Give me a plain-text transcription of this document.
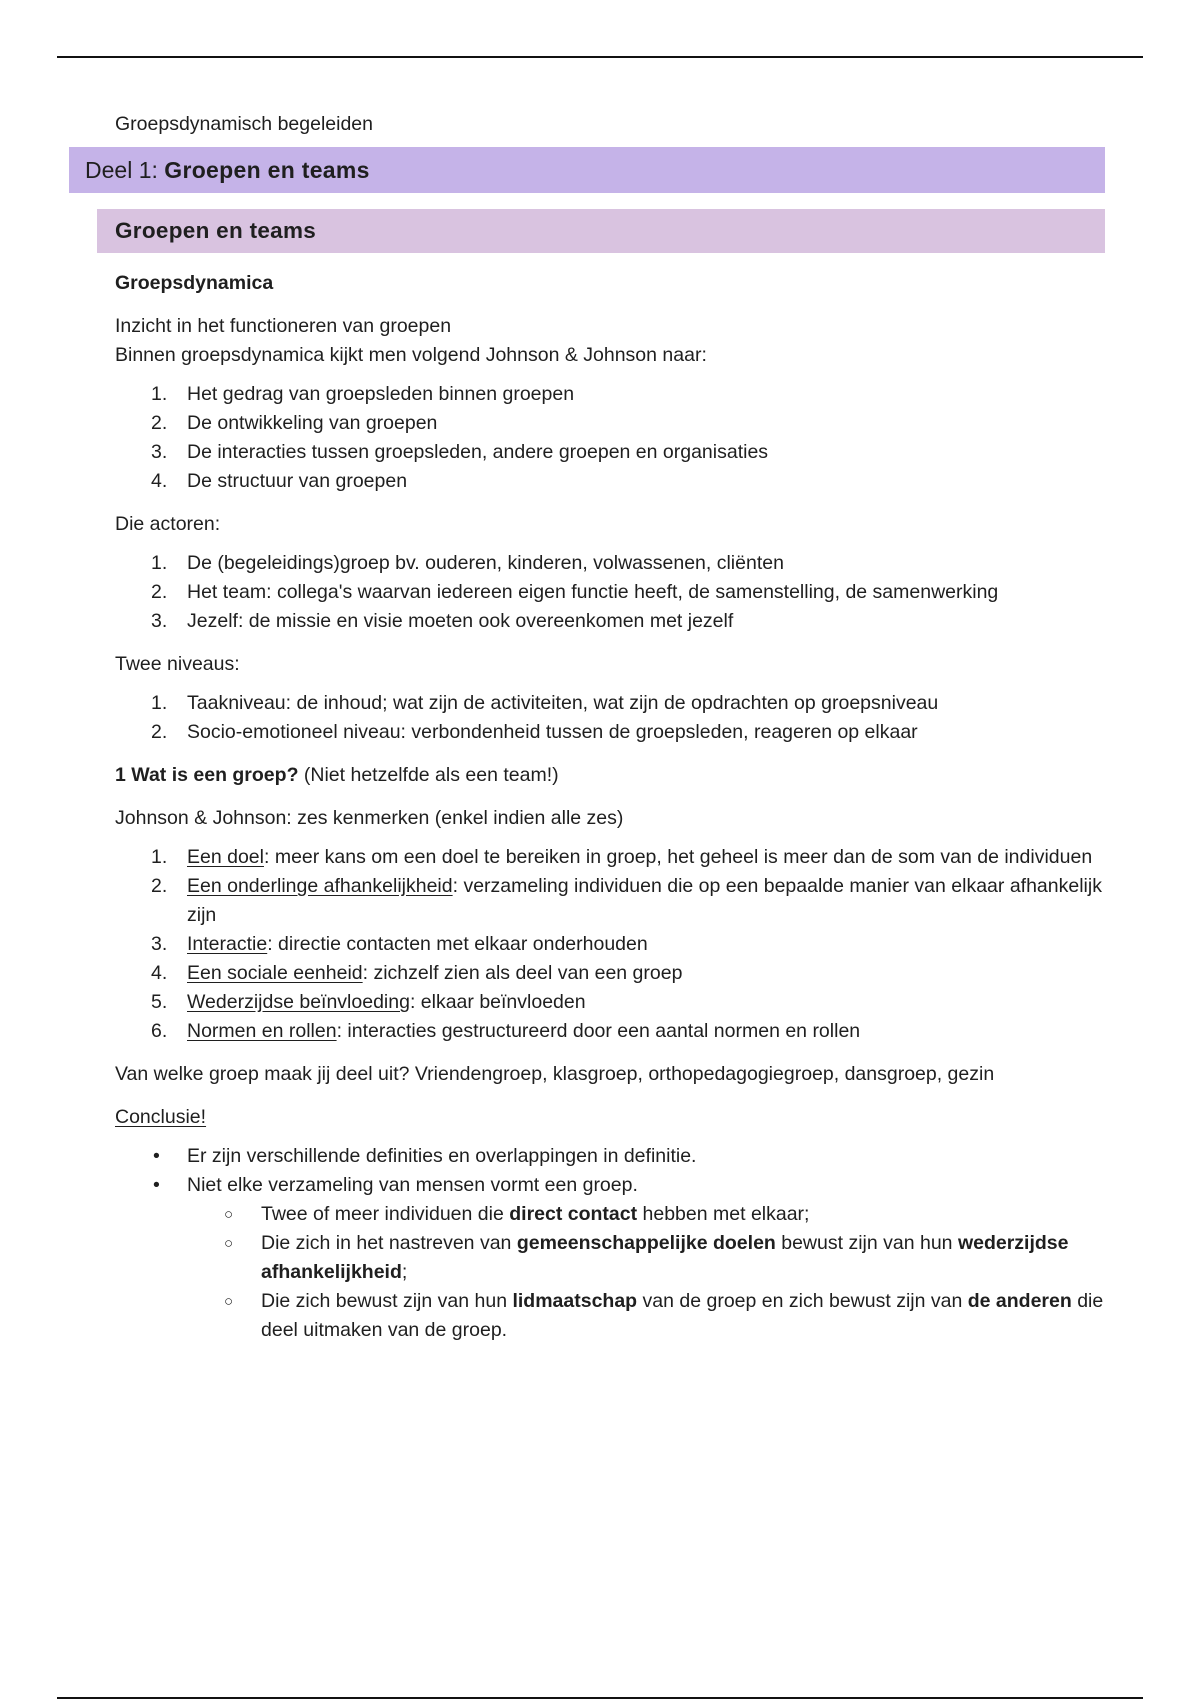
Groepsdynamisch begeleiden

Deel 1: Groepen en teams
Groepen en teams

Groepsdynamica

Inzicht in het functioneren van groepen

Binnen groepsdynamica kijkt men volgend Johnson & Johnson naar:

1.	Het gedrag van groepsleden binnen groepen
2.	De ontwikkeling van groepen
3.	De interacties tussen groepsleden, andere groepen en organisaties
4.	De structuur van groepen

Die actoren:

1.	De (begeleidings)groep bv. ouderen, kinderen, volwassenen, cliënten
2.	Het team: collega's waarvan iedereen eigen functie heeft, de samenstelling, de samenwerking
3.	Jezelf: de missie en visie moeten ook overeenkomen met jezelf

Twee niveaus:

1.	Taakniveau: de inhoud; wat zijn de activiteiten, wat zijn de opdrachten op groepsniveau
2.	Socio-emotioneel niveau: verbondenheid tussen de groepsleden, reageren op elkaar

1 Wat is een groep? (Niet hetzelfde als een team!)

Johnson & Johnson: zes kenmerken (enkel indien alle zes)

1.	Een doel: meer kans om een doel te bereiken in groep, het geheel is meer dan de som van de individuen
2.	Een onderlinge afhankelijkheid: verzameling individuen die op een bepaalde manier van elkaar afhankelijk zijn
3.	Interactie: directie contacten met elkaar onderhouden
4.	Een sociale eenheid: zichzelf zien als deel van een groep
5.	Wederzijdse beïnvloeding: elkaar beïnvloeden
6.	Normen en rollen: interacties gestructureerd door een aantal normen en rollen

Van welke groep maak jij deel uit? Vriendengroep, klasgroep, orthopedagogiegroep, dansgroep, gezin

Conclusie!

• Er zijn verschillende definities en overlappingen in definitie.
• Niet elke verzameling van mensen vormt een groep.
○ Twee of meer individuen die direct contact hebben met elkaar;
○ Die zich in het nastreven van gemeenschappelijke doelen bewust zijn van hun wederzijdse afhankelijkheid;
○ Die zich bewust zijn van hun lidmaatschap van de groep en zich bewust zijn van de anderen die deel uitmaken van de groep.
